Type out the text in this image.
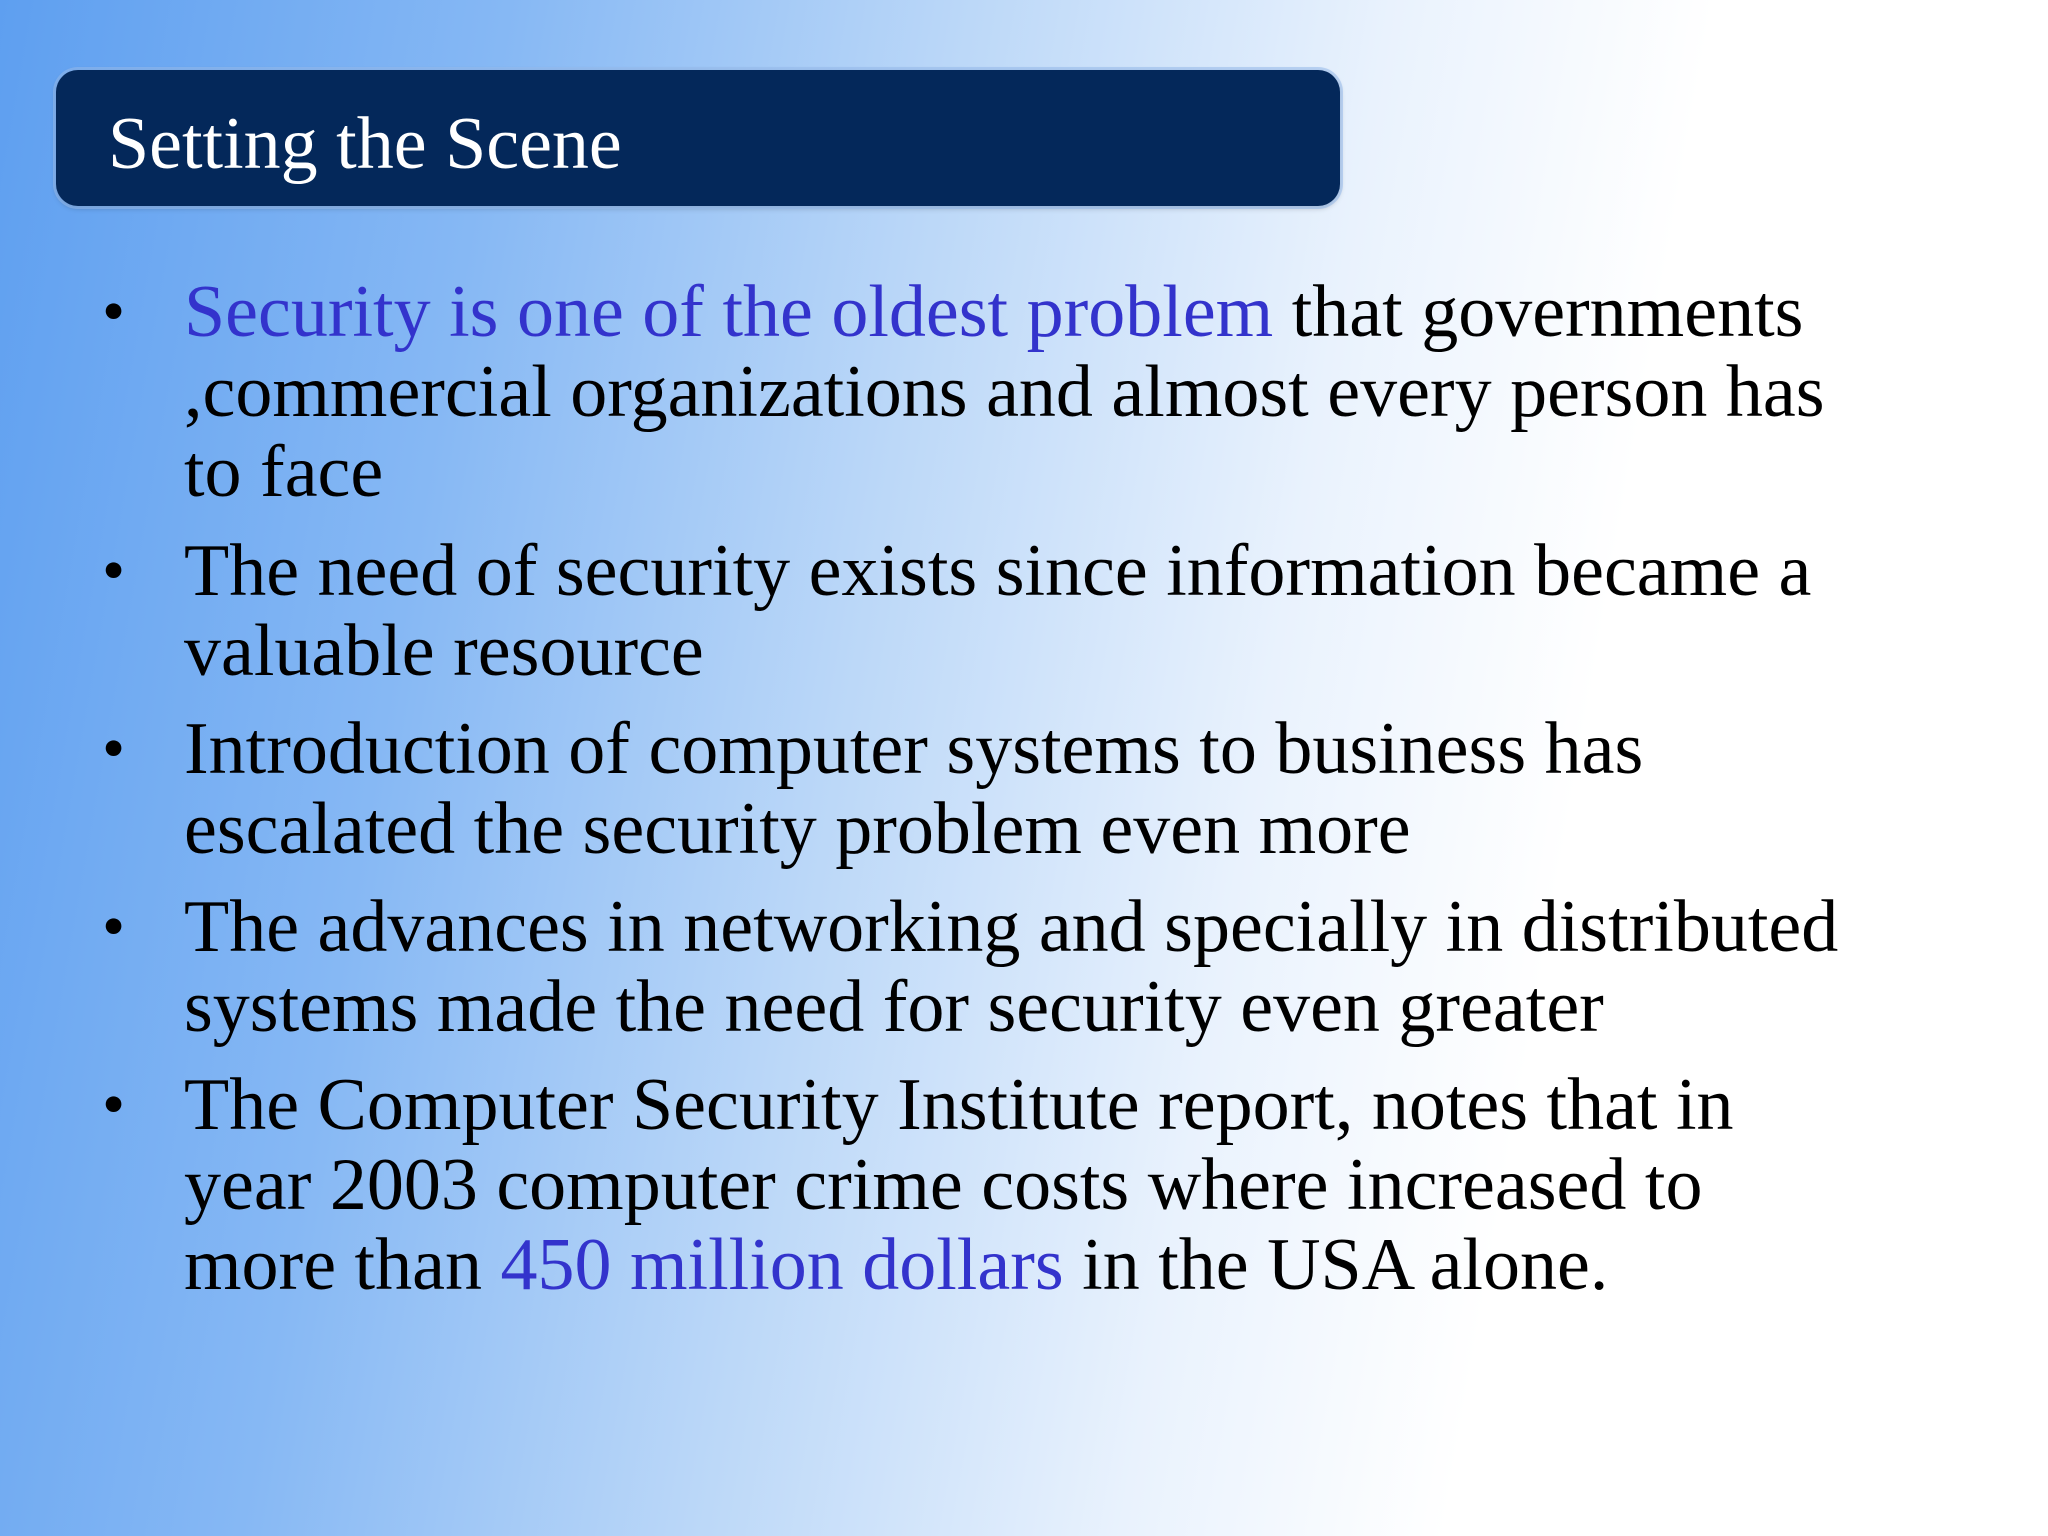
Setting the Scene
• Security is one of the oldest problem that governments
,commercial organizations and almost every person has
to face

• The need of security exists since information became a
valuable resource

• Introduction of computer systems to business has
escalated the security problem even more

• The advances in networking and specially in distributed
systems made the need for security even greater

• The Computer Security Institute report, notes that in
year 2003 computer crime costs where increased to
more than 450 million dollars in the USA alone.
